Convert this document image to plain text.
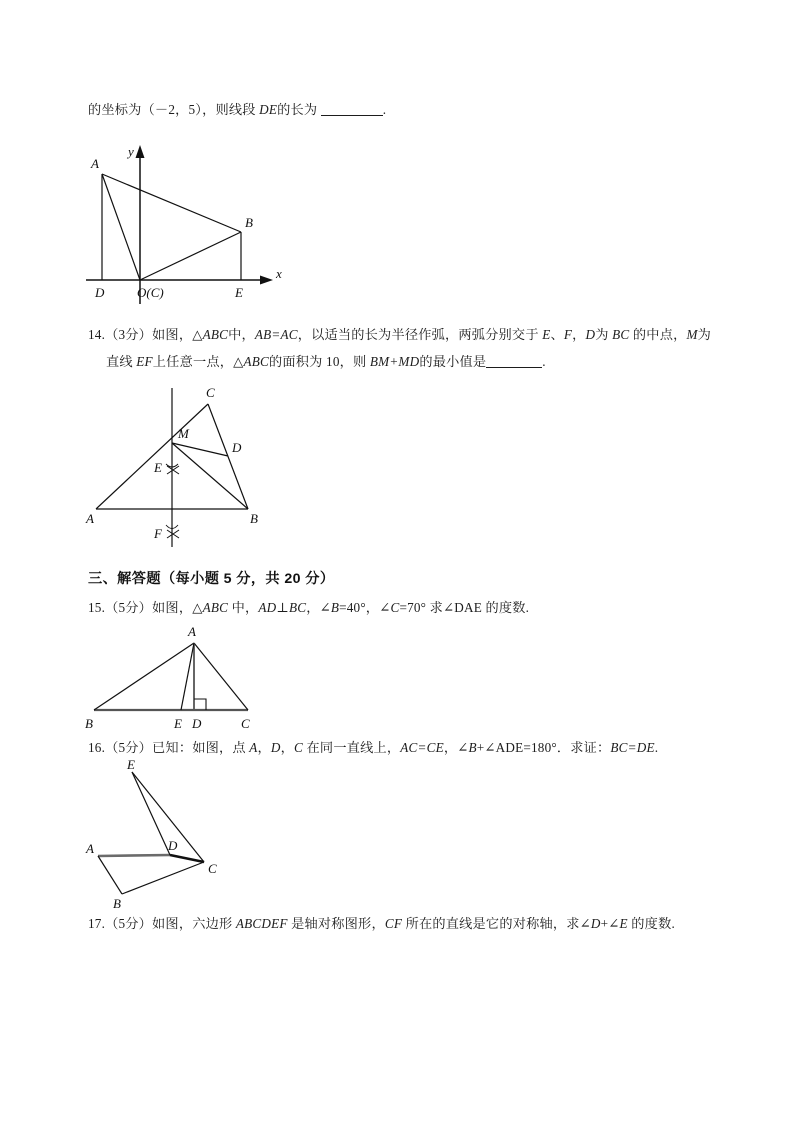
的坐标为（－2，5），则线段 DE的长为	.
A
B
D	E
O(C)
y
x
14.（3分）如图，△ABC中，AB=AC，以适当的长为半径作弧，两弧分别交于 E、F，D为 BC 的中点，M为
直线 EF上任意一点，△ABC的面积为 10，则 BM+MD的最小值是	.
A	B
C
D
E
F
M
三、解答题（每小题 5 分，共 20 分）
15.（5分）如图，△ABC 中，AD⊥BC，∠B=40°，∠C=70° 求∠DAE 的度数.
B	E D	C
A
16.（5分）已知：如图，点 A，D，C 在同一直线上，AC=CE，∠B+∠ADE=180°．求证：BC=DE.
E
A	D
C
B
17.（5分）如图，六边形 ABCDEF 是轴对称图形，CF 所在的直线是它的对称轴，求∠D+∠E 的度数.
